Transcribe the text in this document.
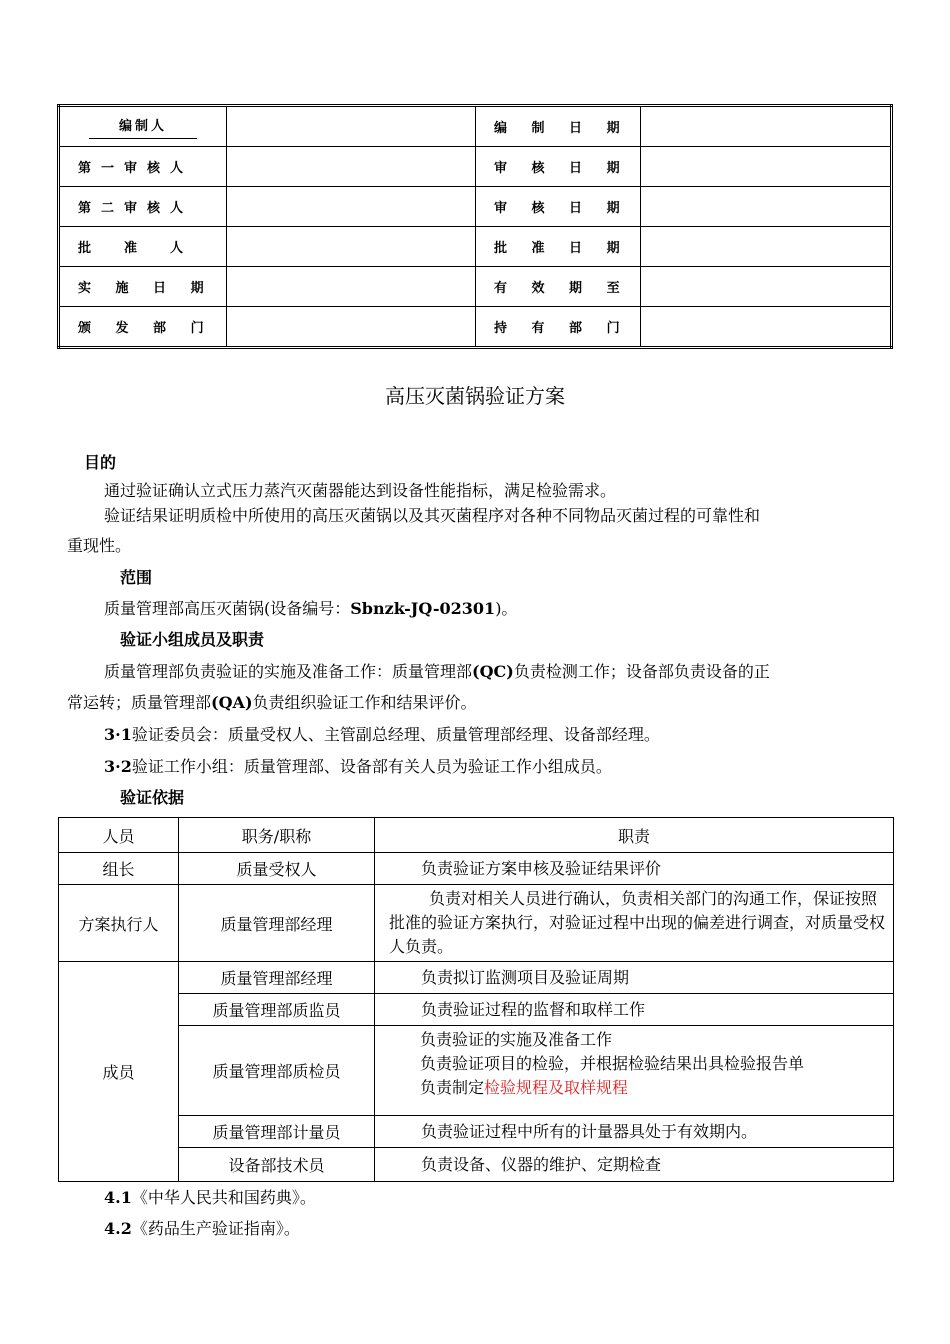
编制人		编 制 日 期	
第一审核人		审 核 日 期	
第二审核人		审 核 日 期	
批　准　人		批 准 日 期	
实 施 日 期		有 效 期 至	
颁 发 部 门		持 有 部 门	
高压灭菌锅验证方案
目的
通过验证确认立式压力蒸汽灭菌器能达到设备性能指标，满足检验需求。
验证结果证明质检中所使用的高压灭菌锅以及其灭菌程序对各种不同物品灭菌过程的可靠性和
重现性。
范围
质量管理部高压灭菌锅(设备编号：Sbnzk-JQ-02301)。
验证小组成员及职责
质量管理部负责验证的实施及准备工作：质量管理部(QC)负责检测工作；设备部负责设备的正
常运转；质量管理部(QA)负责组织验证工作和结果评价。
3·1验证委员会：质量受权人、主管副总经理、质量管理部经理、设备部经理。
3·2验证工作小组：质量管理部、设备部有关人员为验证工作小组成员。
验证依据
人员	职务/职称	职责
组长	质量受权人	负责验证方案申核及验证结果评价
方案执行人	质量管理部经理	负责对相关人员进行确认，负责相关部门的沟通工作，保证按照批准的验证方案执行，对验证过程中出现的偏差进行调查，对质量受权人负责。
成员	质量管理部经理	负责拟订监测项目及验证周期
	质量管理部质监员	负责验证过程的监督和取样工作
	质量管理部质检员	负责验证的实施及准备工作
负责验证项目的检验，并根据检验结果出具检验报告单
负责制定检验规程及取样规程

	质量管理部计量员	负责验证过程中所有的计量器具处于有效期内。
	设备部技术员	负责设备、仪器的维护、定期检查
4.1《中华人民共和国药典》。
4.2《药品生产验证指南》。
